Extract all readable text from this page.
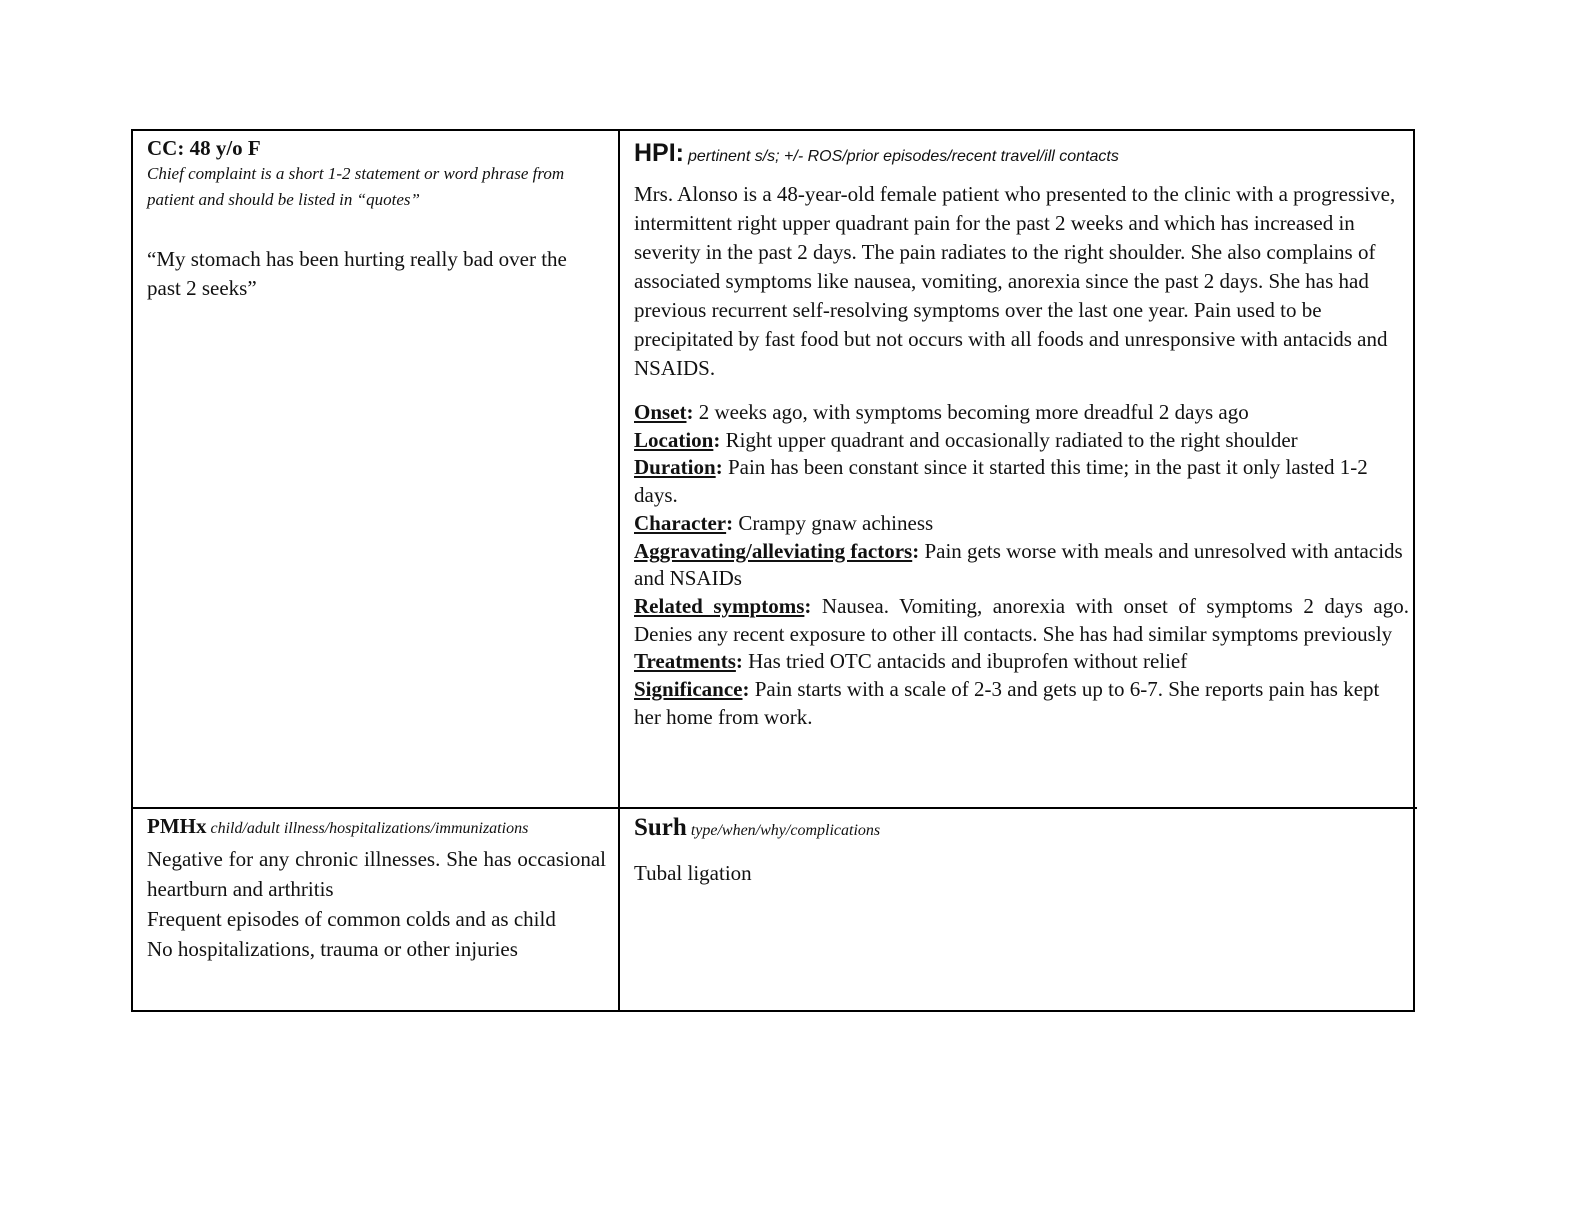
CC: 48 y/o F
Chief complaint is a short 1-2 statement or word phrase from patient and should be listed in “quotes”
“My stomach has been hurting really bad over the past 2 seeks”
HPI: pertinent s/s; +/- ROS/prior episodes/recent travel/ill contacts
Mrs. Alonso is a 48-year-old female patient who presented to the clinic with a progressive, intermittent right upper quadrant pain for the past 2 weeks and which has increased in severity in the past 2 days. The pain radiates to the right shoulder. She also complains of associated symptoms like nausea, vomiting, anorexia since the past 2 days. She has had previous recurrent self-resolving symptoms over the last one year. Pain used to be precipitated by fast food but not occurs with all foods and unresponsive with antacids and NSAIDS.
Onset: 2 weeks ago, with symptoms becoming more dreadful 2 days ago
Location: Right upper quadrant and occasionally radiated to the right shoulder
Duration: Pain has been constant since it started this time; in the past it only lasted 1-2 days.
Character: Crampy gnaw achiness
Aggravating/alleviating factors: Pain gets worse with meals and unresolved with antacids and NSAIDs
Related symptoms: Nausea. Vomiting, anorexia with onset of symptoms 2 days ago. Denies any recent exposure to other ill contacts. She has had similar symptoms previously
Treatments: Has tried OTC antacids and ibuprofen without relief
Significance: Pain starts with a scale of 2-3 and gets up to 6-7. She reports pain has kept her home from work.
PMHx child/adult illness/hospitalizations/immunizations
Negative for any chronic illnesses. She has occasional heartburn and arthritis
Frequent episodes of common colds and as child
No hospitalizations, trauma or other injuries
Surh type/when/why/complications
Tubal ligation
